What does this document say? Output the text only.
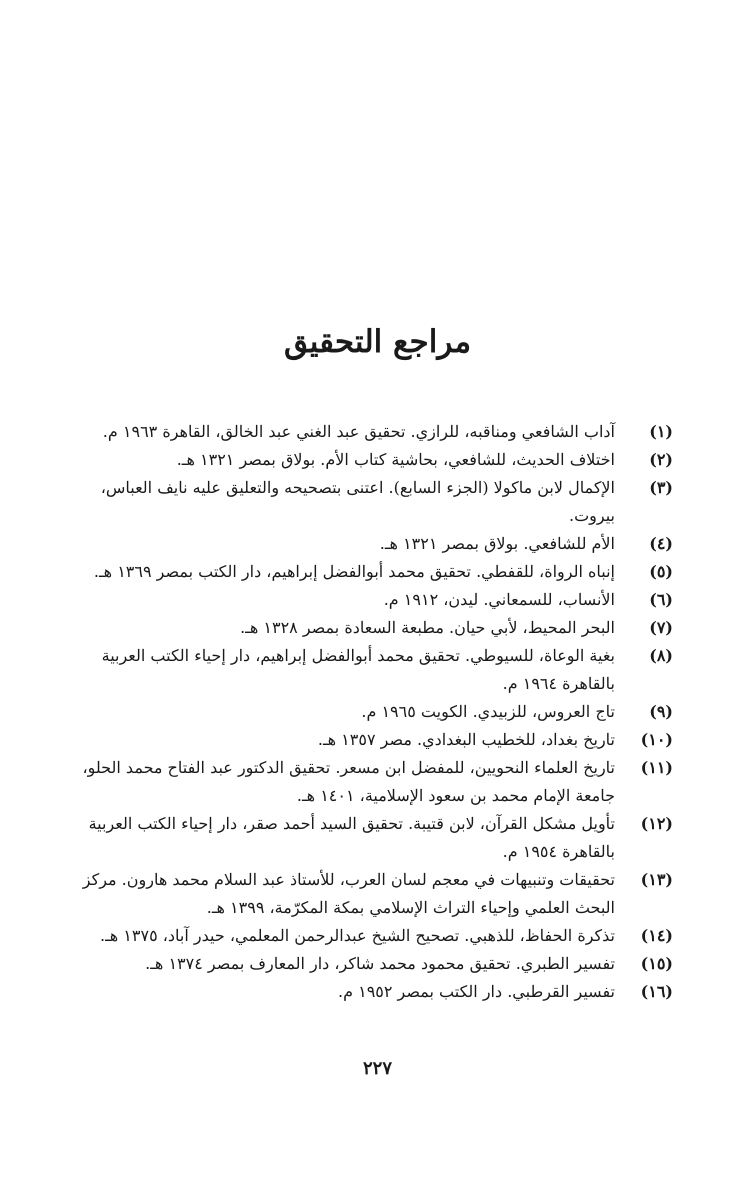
مراجع التحقيق
(١)
آداب الشافعي ومناقبه، للرازي. تحقيق عبد الغني عبد الخالق، القاهرة ١٩٦٣ م.
(٢)
اختلاف الحديث، للشافعي، بحاشية كتاب الأم. بولاق بمصر ١٣٢١ هـ.
(٣)
الإكمال لابن ماكولا (الجزء السابع). اعتنى بتصحيحه والتعليق عليه نايف العباس، بيروت.
(٤)
الأم للشافعي. بولاق بمصر ١٣٢١ هـ.
(٥)
إنباه الرواة، للقفطي. تحقيق محمد أبوالفضل إبراهيم، دار الكتب بمصر ١٣٦٩ هـ.
(٦)
الأنساب، للسمعاني. ليدن، ١٩١٢ م.
(٧)
البحر المحيط، لأبي حيان. مطبعة السعادة بمصر ١٣٢٨ هـ.
(٨)
بغية الوعاة، للسيوطي. تحقيق محمد أبوالفضل إبراهيم، دار إحياء الكتب العربية بالقاهرة ١٩٦٤ م.
(٩)
تاج العروس، للزبيدي. الكويت ١٩٦٥ م.
(١٠)
تاريخ بغداد، للخطيب البغدادي. مصر ١٣٥٧ هـ.
(١١)
تاريخ العلماء النحويين، للمفضل ابن مسعر. تحقيق الدكتور عبد الفتاح محمد الحلو، جامعة الإمام محمد بن سعود الإسلامية، ١٤٠١ هـ.
(١٢)
تأويل مشكل القرآن، لابن قتيبة. تحقيق السيد أحمد صقر، دار إحياء الكتب العربية بالقاهرة ١٩٥٤ م.
(١٣)
تحقيقات وتنبيهات في معجم لسان العرب، للأستاذ عبد السلام محمد هارون. مركز البحث العلمي وإحياء التراث الإسلامي بمكة المكرّمة، ١٣٩٩ هـ.
(١٤)
تذكرة الحفاظ، للذهبي. تصحيح الشيخ عبدالرحمن المعلمي، حيدر آباد، ١٣٧٥ هـ.
(١٥)
تفسير الطبري. تحقيق محمود محمد شاكر، دار المعارف بمصر ١٣٧٤ هـ.
(١٦)
تفسير القرطبي. دار الكتب بمصر ١٩٥٢ م.
٢٢٧
